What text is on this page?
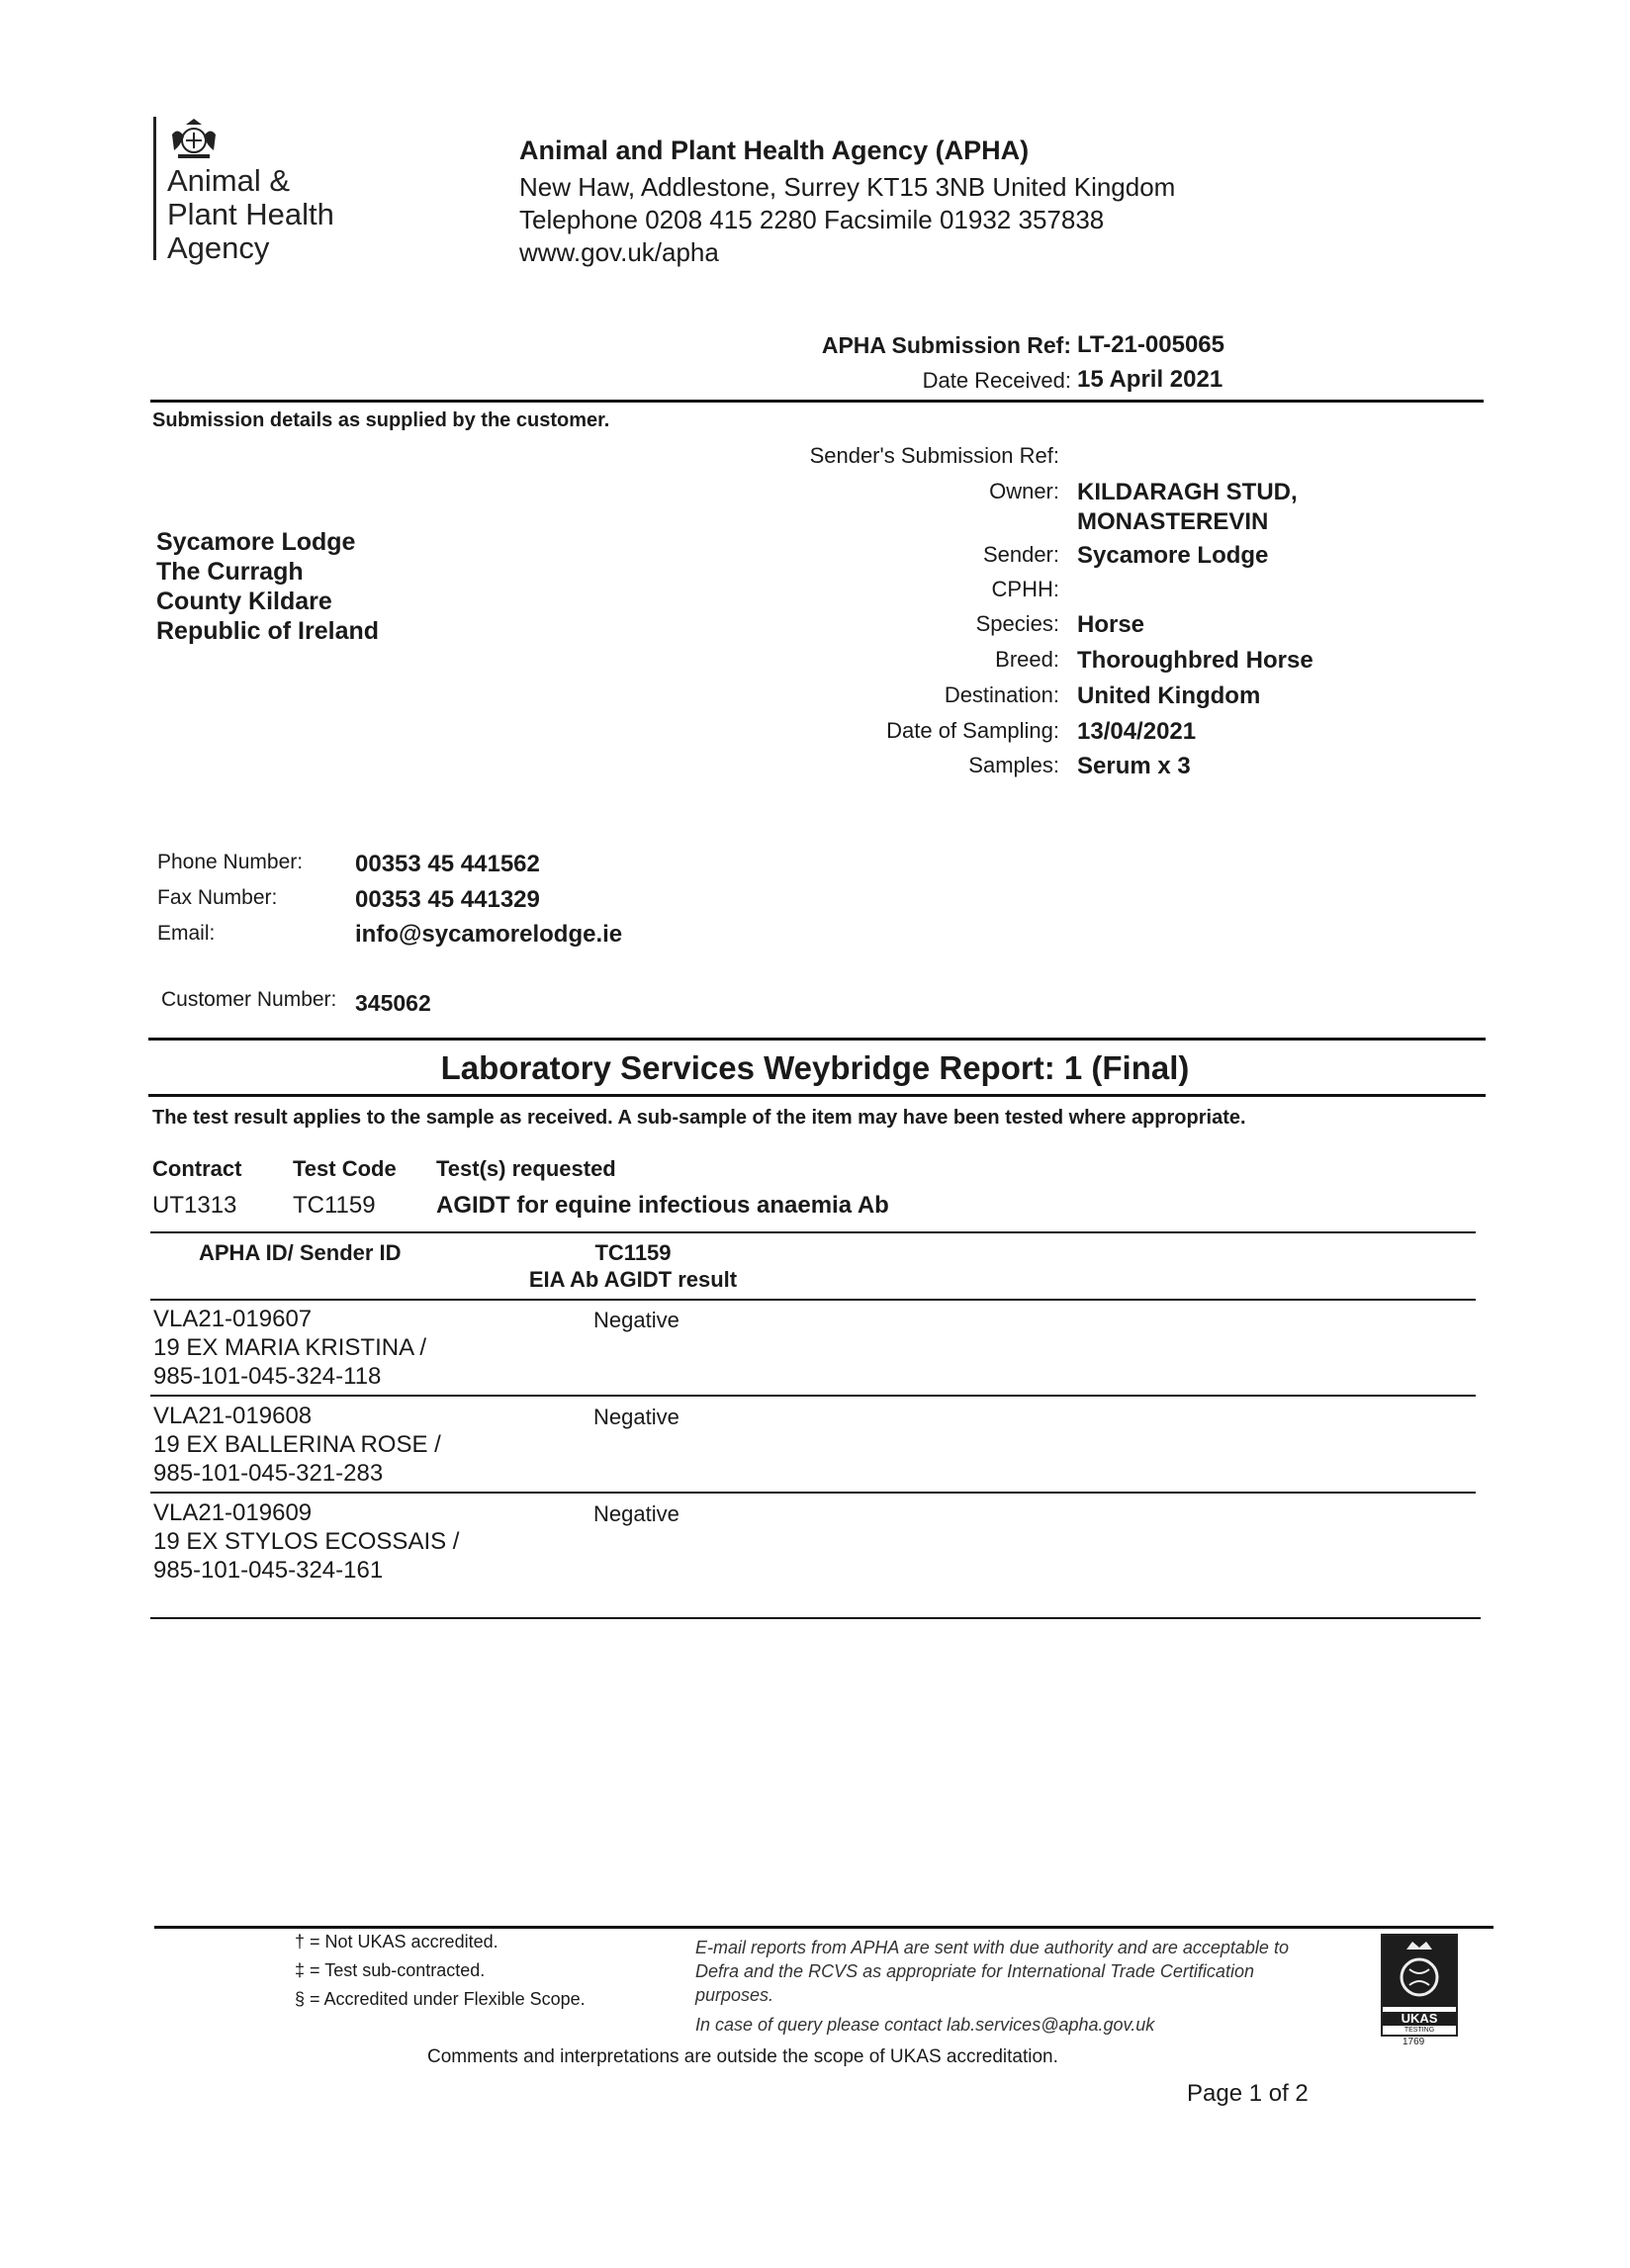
Animal &
Plant Health
Agency
Animal and Plant Health Agency (APHA)
New Haw, Addlestone, Surrey KT15 3NB United Kingdom
Telephone 0208 415 2280 Facsimile 01932 357838
www.gov.uk/apha
APHA Submission Ref: LT-21-005065
Date Received: 15 April 2021
Submission details as supplied by the customer.
Sender's Submission Ref:
Owner: KILDARAGH STUD,
MONASTEREVIN
Sender: Sycamore Lodge
CPHH:
Species: Horse
Breed: Thoroughbred Horse
Destination: United Kingdom
Date of Sampling: 13/04/2021
Samples: Serum x 3
Sycamore Lodge
The Curragh
County Kildare
Republic of Ireland
Phone Number: 00353 45 441562
Fax Number:	00353 45 441329
Email:	info@sycamorelodge.ie
Customer Number: 345062
Laboratory Services Weybridge Report: 1 (Final)
The test result applies to the sample as received. A sub-sample of the item may have been tested where appropriate.
Contract Test Code Test(s) requested
UT1313 TC1159	AGIDT for equine infectious anaemia Ab
APHA ID/ Sender ID	TC1159
EIA Ab AGIDT result
VLA21-019607
19 EX MARIA KRISTINA / 985-101-045-324-118
Negative
VLA21-019608
19 EX BALLERINA ROSE / 985-101-045-321-283
Negative
VLA21-019609
19 EX STYLOS ECOSSAIS / 985-101-045-324-161
Negative
† = Not UKAS accredited.
‡ = Test sub-contracted.
§ = Accredited under Flexible Scope.
E-mail reports from APHA are sent with due authority and are acceptable to Defra and the RCVS as appropriate for International Trade Certification purposes.
In case of query please contact lab.services@apha.gov.uk	UKAS
TESTING
1769
Comments and interpretations are outside the scope of UKAS accreditation.
Page 1 of 2
